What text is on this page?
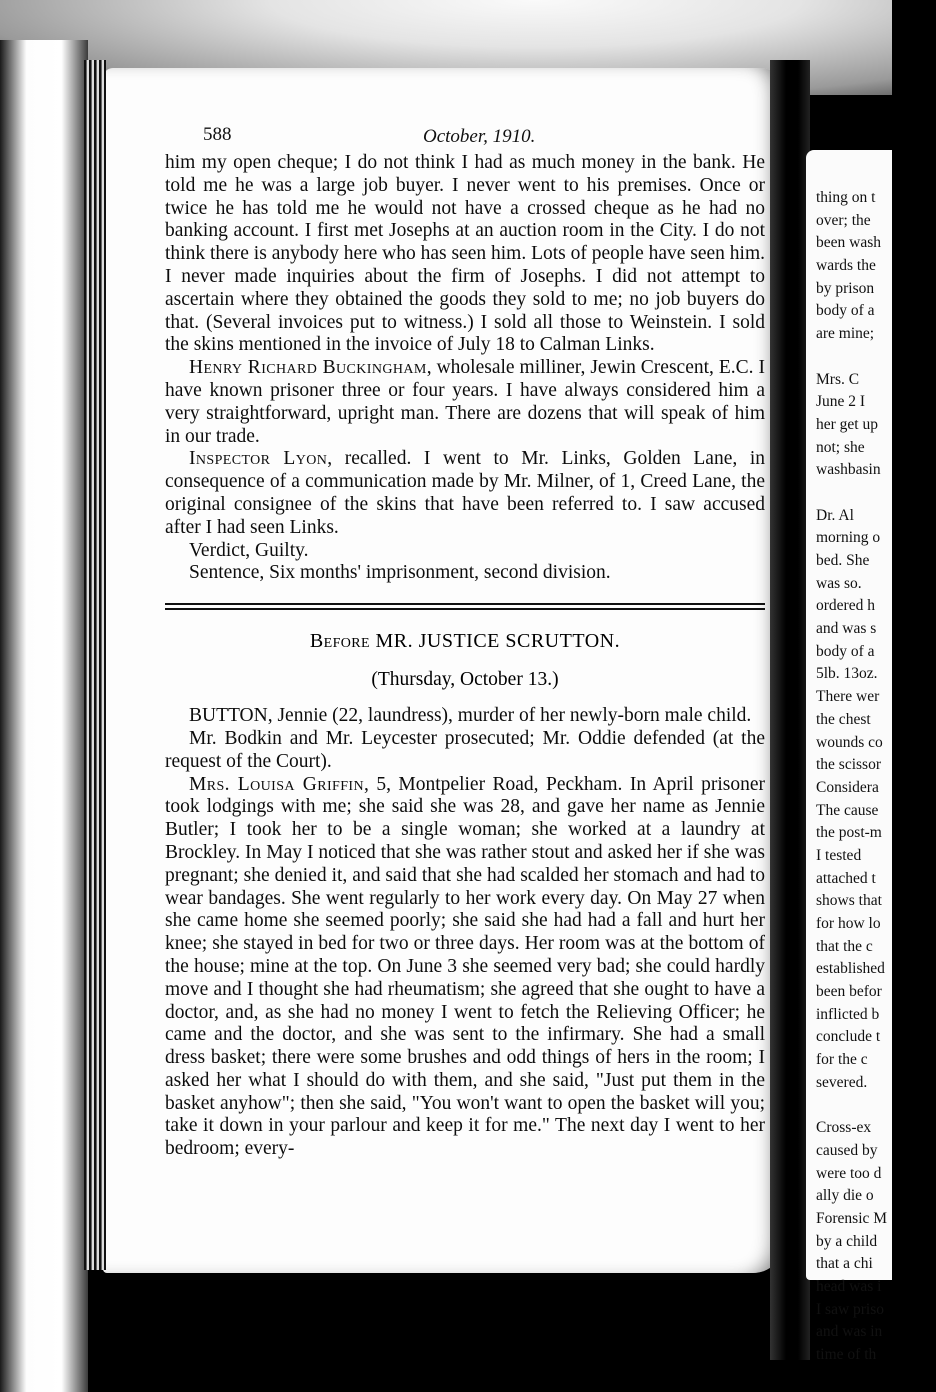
588	October, 1910.

him my open cheque; I do not think I had as much money in the bank. He told me he was a large job buyer. I never went to his premises. Once or twice he has told me he would not have a crossed cheque as he had no banking account. I first met Josephs at an auction room in the City. I do not think there is anybody here who has seen him. Lots of people have seen him. I never made inquiries about the firm of Josephs. I did not attempt to ascertain where they obtained the goods they sold to me; no job buyers do that. (Several invoices put to witness.) I sold all those to Weinstein. I sold the skins mentioned in the invoice of July 18 to Calman Links.

Henry Richard Buckingham, wholesale milliner, Jewin Crescent, E.C. I have known prisoner three or four years. I have always considered him a very straightforward, upright man. There are dozens that will speak of him in our trade.

Inspector Lyon, recalled. I went to Mr. Links, Golden Lane, in consequence of a communication made by Mr. Milner, of 1, Creed Lane, the original consignee of the skins that have been referred to. I saw accused after I had seen Links.

Verdict, Guilty.

Sentence, Six months' imprisonment, second division.

Before MR. JUSTICE SCRUTTON.
(Thursday, October 13.)

BUTTON, Jennie (22, laundress), murder of her newly-born male child.

Mr. Bodkin and Mr. Leycester prosecuted; Mr. Oddie defended (at the request of the Court).

Mrs. Louisa Griffin, 5, Montpelier Road, Peckham. In April prisoner took lodgings with me; she said she was 28, and gave her name as Jennie Butler; I took her to be a single woman; she worked at a laundry at Brockley. In May I noticed that she was rather stout and asked her if she was pregnant; she denied it, and said that she had scalded her stomach and had to wear bandages. She went regularly to her work every day. On May 27 when she came home she seemed poorly; she said she had had a fall and hurt her knee; she stayed in bed for two or three days. Her room was at the bottom of the house; mine at the top. On June 3 she seemed very bad; she could hardly move and I thought she had rheumatism; she agreed that she ought to have a doctor, and, as she had no money I went to fetch the Relieving Officer; he came and the doctor, and she was sent to the infirmary. She had a small dress basket; there were some brushes and odd things of hers in the room; I asked her what I should do with them, and she said, "Just put them in the basket anyhow"; then she said, "You won't want to open the basket will you; take it down in your parlour and keep it for me." The next day I went to her bedroom; every-

thing on t
over; the
been wash
wards the
by prison
body of a
are mine;
Mrs. C
June 2 I
her get up
not; she
washbasin
Dr. Al
morning o
bed. She
was so.
ordered h
and was s
body of a
5lb. 13oz.
There wer
the chest
wounds co
the scissor
Considera
The cause
the post-m
I tested
attached t
shows that
for how lo
that the c
established
been befor
inflicted b
conclude t
for the c
severed.
Cross-ex
caused by
were too d
ally die o
Forensic M
by a child
that a chi
head was i
I saw priso
and was in
time of th
